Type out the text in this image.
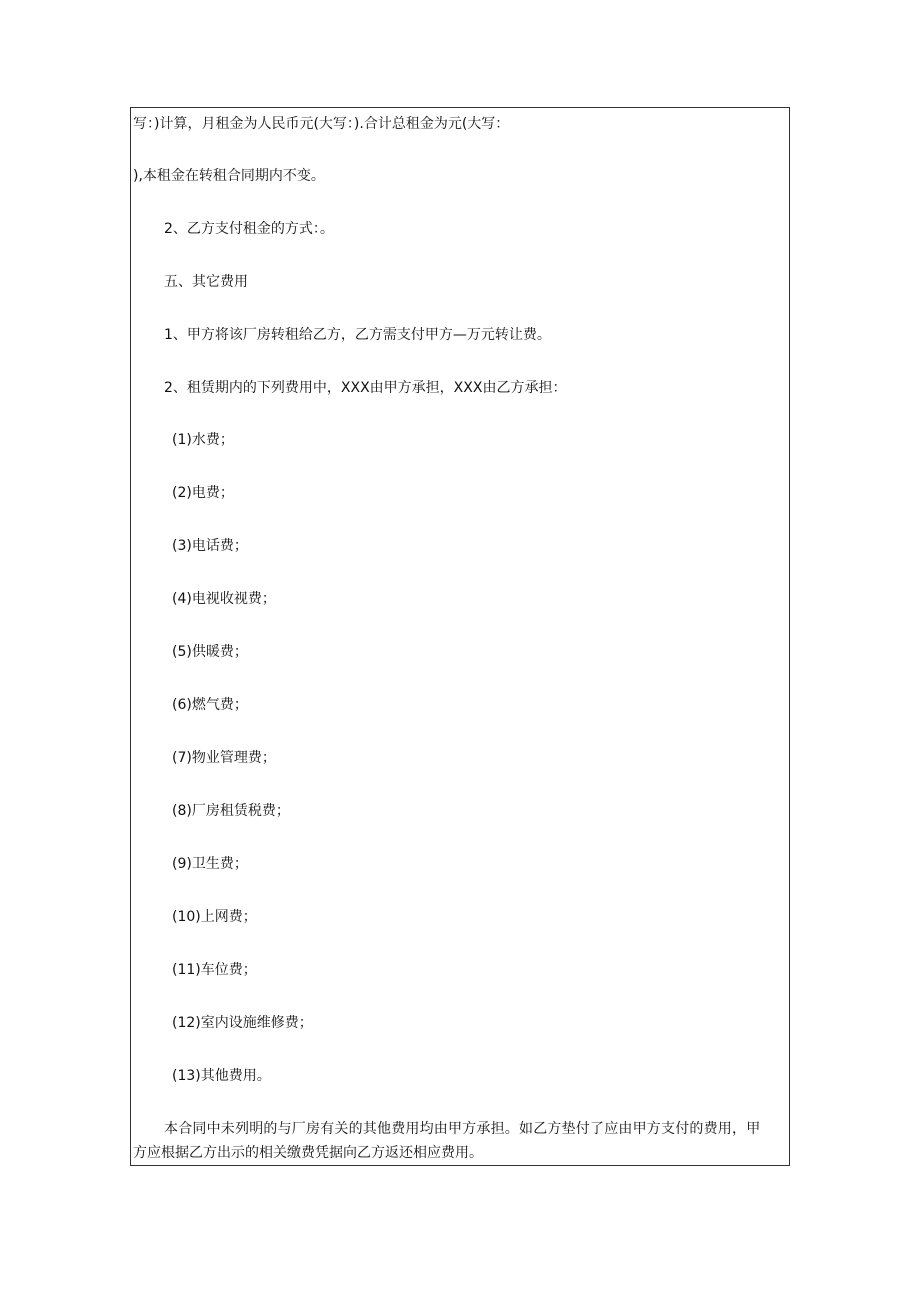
写：)计算，月租金为人民币元(大写：).合计总租金为元(大写：

),本租金在转租合同期内不变。

2、乙方支付租金的方式：。

五、其它费用

1、甲方将该厂房转租给乙方，乙方需支付甲方—万元转让费。

2、租赁期内的下列费用中，XXX由甲方承担，XXX由乙方承担：

(1)水费；

(2)电费；

(3)电话费；

(4)电视收视费；

(5)供暖费；

(6)燃气费；

(7)物业管理费；

(8)厂房租赁税费；

(9)卫生费；

(10)上网费；

(11)车位费；

(12)室内设施维修费；

(13)其他费用。

本合同中未列明的与厂房有关的其他费用均由甲方承担。如乙方垫付了应由甲方支付的费用，甲

方应根据乙方出示的相关缴费凭据向乙方返还相应费用。
